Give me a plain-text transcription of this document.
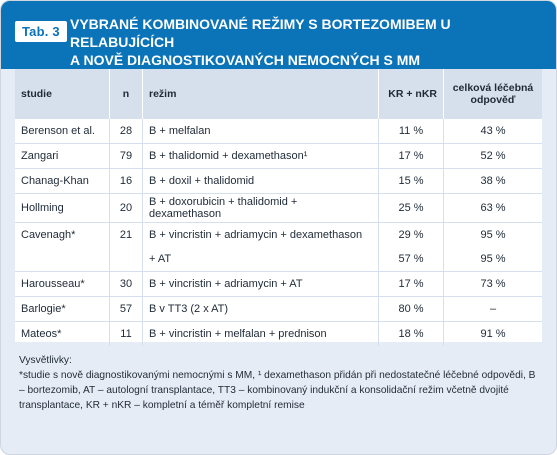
Tab. 3 VYBRANÉ KOMBINOVANÉ REŽIMY S BORTEZOMIBEM U RELABUJÍCÍCH
A NOVĚ DIAGNOSTIKOVANÝCH NEMOCNÝCH S MM
studie	n	režim	KR + nKR	celková léčebná odpověď
Berenson et al.	28	B + melfalan	11 %	43 %
Zangari	79	B + thalidomid + dexamethason¹	17 %	52 %
Chanag-Khan	16	B + doxil + thalidomid	15 %	38 %
Hollming	20	B + doxorubicin + thalidomid + dexamethason	25 %	63 %
Cavenagh*	21	B + vincristin + adriamycin + dexamethason	29 %	95 %
		+ AT	57 %	95 %
Harousseau*	30	B + vincristin + adriamycin + AT	17 %	73 %
Barlogie*	57	B v TT3 (2 x AT)	80 %	–
Mateos*	11	B + vincristin + melfalan + prednison	18 %	91 %
Vysvětlivky:
*studie s nově diagnostikovanými nemocnými s MM, ¹ dexamethason přidán při nedostatečné léčebné odpovědi, B – bortezomib, AT – autologní transplantace, TT3 – kombinovaný indukční a konsolidační režim včetně dvojité transplantace, KR + nKR – kompletní a téměř kompletní remise
